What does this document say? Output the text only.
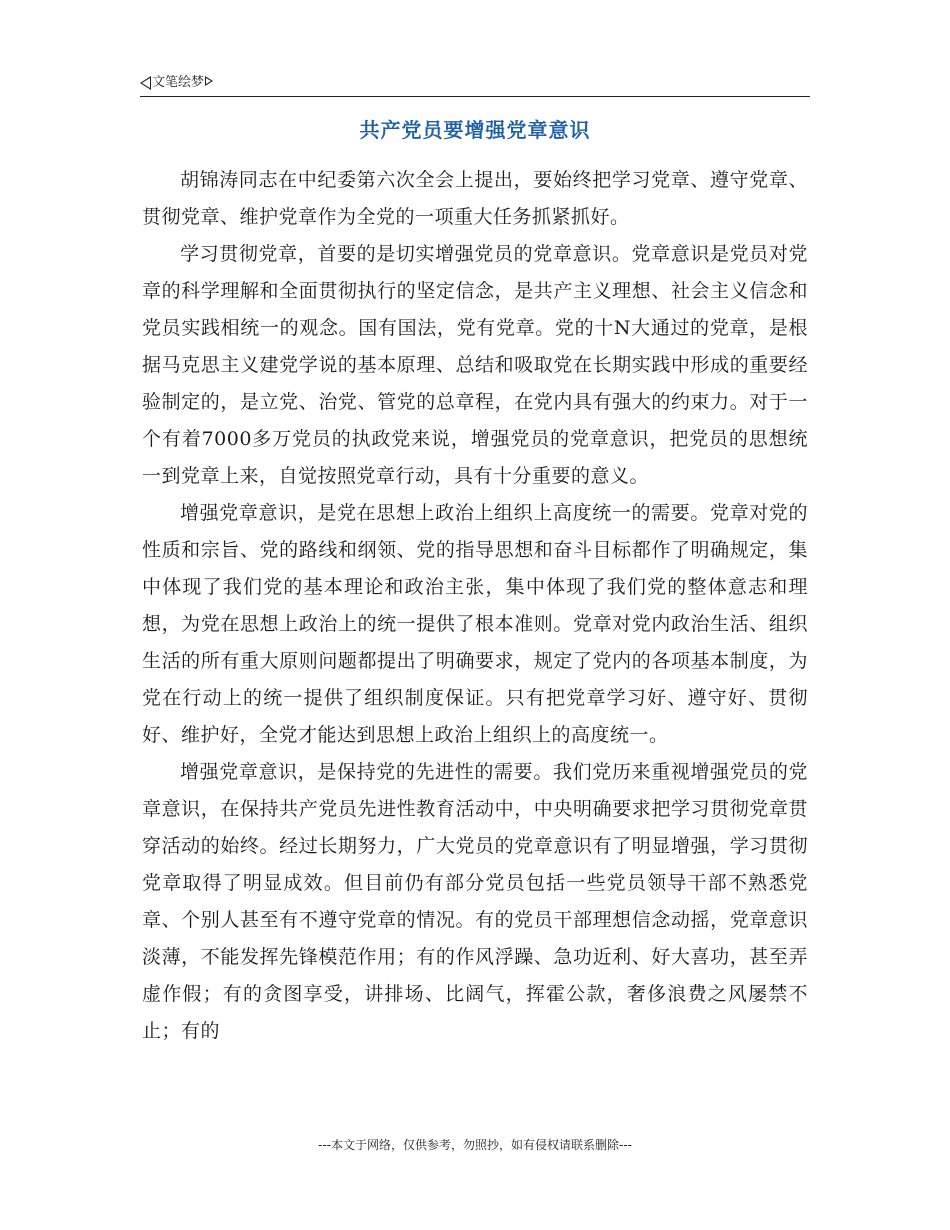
文笔绘梦
共产党员要增强党章意识

胡锦涛同志在中纪委第六次全会上提出，要始终把学习党章、遵守党章、贯彻党章、维护党章作为全党的一项重大任务抓紧抓好。

学习贯彻党章，首要的是切实增强党员的党章意识。党章意识是党员对党章的科学理解和全面贯彻执行的坚定信念，是共产主义理想、社会主义信念和党员实践相统一的观念。国有国法，党有党章。党的十N大通过的党章，是根据马克思主义建党学说的基本原理、总结和吸取党在长期实践中形成的重要经验制定的，是立党、治党、管党的总章程，在党内具有强大的约束力。对于一个有着7000多万党员的执政党来说，增强党员的党章意识，把党员的思想统一到党章上来，自觉按照党章行动，具有十分重要的意义。

增强党章意识，是党在思想上政治上组织上高度统一的需要。党章对党的性质和宗旨、党的路线和纲领、党的指导思想和奋斗目标都作了明确规定，集中体现了我们党的基本理论和政治主张，集中体现了我们党的整体意志和理想，为党在思想上政治上的统一提供了根本准则。党章对党内政治生活、组织生活的所有重大原则问题都提出了明确要求，规定了党内的各项基本制度，为党在行动上的统一提供了组织制度保证。只有把党章学习好、遵守好、贯彻好、维护好，全党才能达到思想上政治上组织上的高度统一。

增强党章意识，是保持党的先进性的需要。我们党历来重视增强党员的党章意识，在保持共产党员先进性教育活动中，中央明确要求把学习贯彻党章贯穿活动的始终。经过长期努力，广大党员的党章意识有了明显增强，学习贯彻党章取得了明显成效。但目前仍有部分党员包括一些党员领导干部不熟悉党章、个别人甚至有不遵守党章的情况。有的党员干部理想信念动摇，党章意识淡薄，不能发挥先锋模范作用；有的作风浮躁、急功近利、好大喜功，甚至弄虚作假；有的贪图享受，讲排场、比阔气，挥霍公款，奢侈浪费之风屡禁不止；有的

---本文于网络，仅供参考，勿照抄，如有侵权请联系删除---
